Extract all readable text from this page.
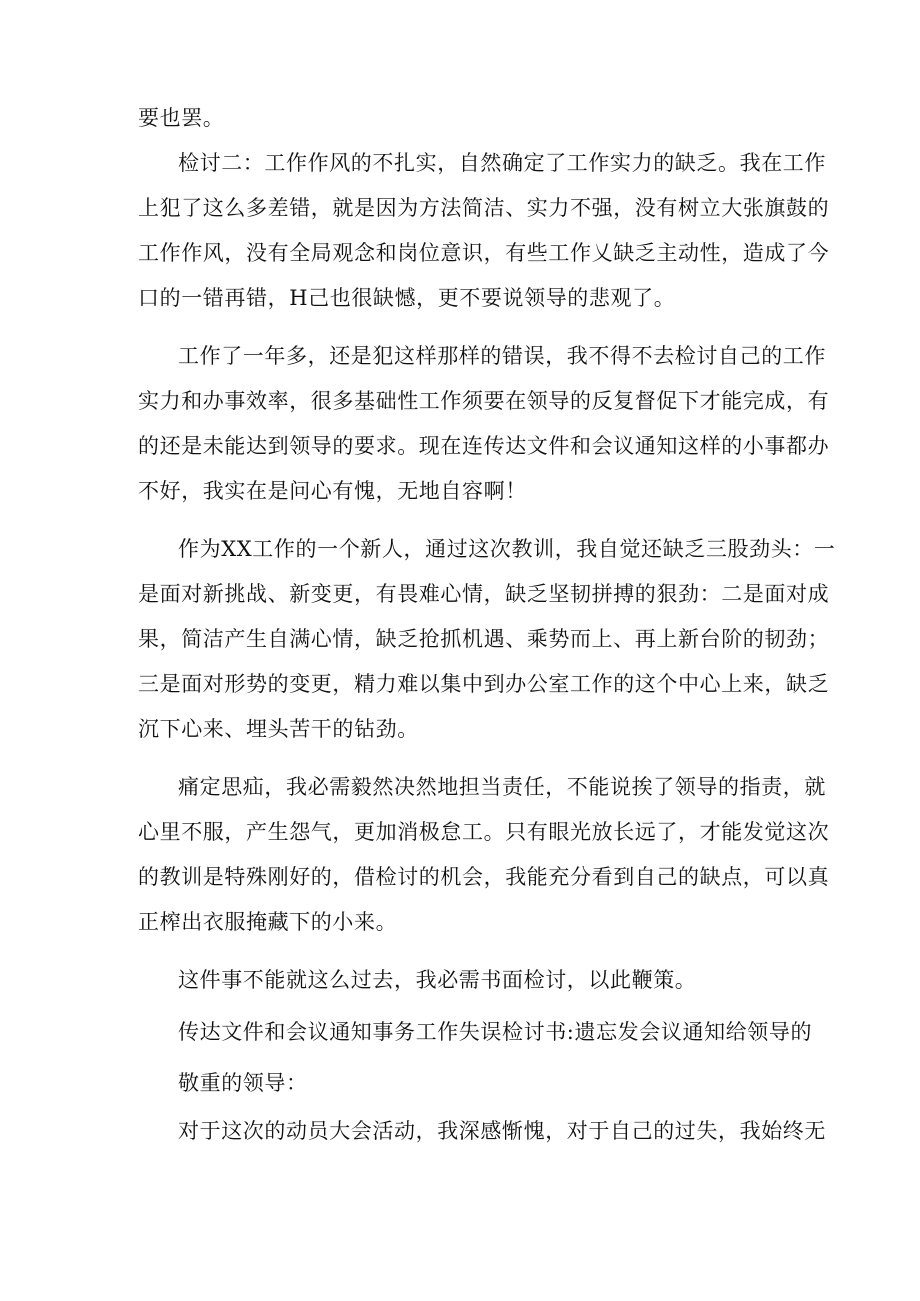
要也罢。
检讨二：工作作风的不扎实，自然确定了工作实力的缺乏。我在工作
上犯了这么多差错，就是因为方法简洁、实力不强，没有树立大张旗鼓的
工作作风，没有全局观念和岗位意识，有些工作乂缺乏主动性，造成了今
口的一错再错，H己也很缺憾，更不要说领导的悲观了。
工作了一年多，还是犯这样那样的错误，我不得不去检讨自己的工作
实力和办事效率，很多基础性工作须要在领导的反复督促下才能完成，有
的还是未能达到领导的要求。现在连传达文件和会议通知这样的小事都办
不好，我实在是问心有愧，无地自容啊！
作为XX工作的一个新人，通过这次教训，我自觉还缺乏三股劲头：一
是面对新挑战、新变更，有畏难心情，缺乏坚韧拼搏的狠劲：二是面对成
果，简洁产生自满心情，缺乏抢抓机遇、乘势而上、再上新台阶的韧劲；
三是面对形势的变更，精力难以集中到办公室工作的这个中心上来，缺乏
沉下心来、埋头苦干的钻劲。
痛定思疝，我必需毅然决然地担当责任，不能说挨了领导的指责，就
心里不服，产生怨气，更加消极怠工。只有眼光放长远了，才能发觉这次
的教训是特殊刚好的，借检讨的机会，我能充分看到自己的缺点，可以真
正榨出衣服掩藏下的小来。
这件事不能就这么过去，我必需书面检讨，以此鞭策。
传达文件和会议通知事务工作失误检讨书:遗忘发会议通知给领导的
敬重的领导：
对于这次的动员大会活动，我深感惭愧，对于自己的过失，我始终无
